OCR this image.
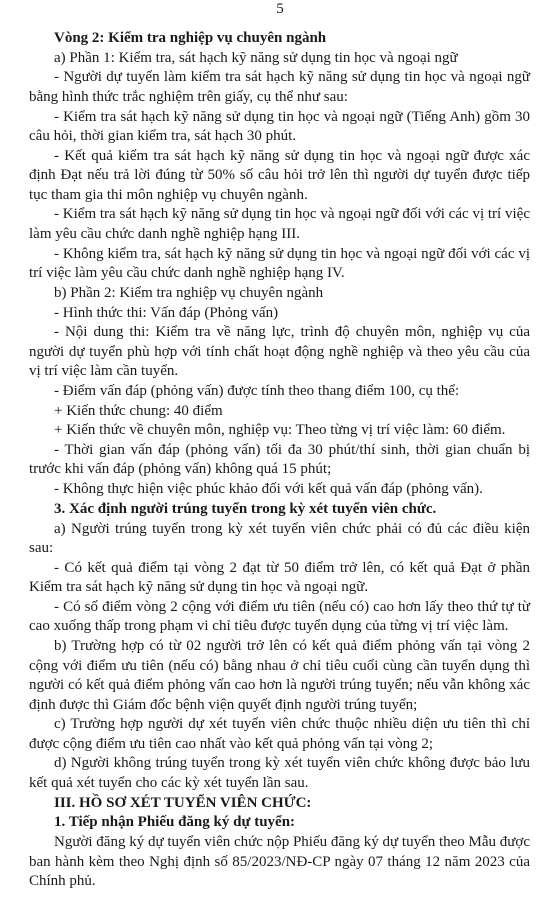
5

Vòng 2: Kiểm tra nghiệp vụ chuyên ngành

a) Phần 1: Kiểm tra, sát hạch kỹ năng sử dụng tin học và ngoại ngữ

- Người dự tuyển làm kiểm tra sát hạch kỹ năng sử dụng tin học và ngoại ngữ bằng hình thức trắc nghiệm trên giấy, cụ thể như sau:

- Kiểm tra sát hạch kỹ năng sử dụng tin học và ngoại ngữ (Tiếng Anh) gồm 30 câu hỏi, thời gian kiểm tra, sát hạch 30 phút.

- Kết quả kiểm tra sát hạch kỹ năng sử dụng tin học và ngoại ngữ được xác định Đạt nếu trả lời đúng từ 50% số câu hỏi trở lên thì người dự tuyển được tiếp tục tham gia thi môn nghiệp vụ chuyên ngành.

- Kiểm tra sát hạch kỹ năng sử dụng tin học và ngoại ngữ đối với các vị trí việc làm yêu cầu chức danh nghề nghiệp hạng III.

- Không kiểm tra, sát hạch kỹ năng sử dụng tin học và ngoại ngữ đối với các vị trí việc làm yêu cầu chức danh nghề nghiệp hạng IV.

b) Phần 2: Kiểm tra nghiệp vụ chuyên ngành

- Hình thức thi: Vấn đáp (Phỏng vấn)

- Nội dung thi: Kiểm tra về năng lực, trình độ chuyên môn, nghiệp vụ của người dự tuyển phù hợp với tính chất hoạt động nghề nghiệp và theo yêu cầu của vị trí việc làm cần tuyển.

- Điểm vấn đáp (phỏng vấn) được tính theo thang điểm 100, cụ thể:

+ Kiến thức chung: 40 điểm

+ Kiến thức về chuyên môn, nghiệp vụ: Theo từng vị trí việc làm: 60 điểm.

- Thời gian vấn đáp (phỏng vấn) tối đa 30 phút/thí sinh, thời gian chuẩn bị trước khi vấn đáp (phỏng vấn) không quá 15 phút;

- Không thực hiện việc phúc khảo đối với kết quả vấn đáp (phỏng vấn).

3. Xác định người trúng tuyển trong kỳ xét tuyển viên chức.

a) Người trúng tuyển trong kỳ xét tuyển viên chức phải có đủ các điều kiện sau:

- Có kết quả điểm tại vòng 2 đạt từ 50 điểm trở lên, có kết quả Đạt ở phần Kiểm tra sát hạch kỹ năng sử dụng tin học và ngoại ngữ.

- Có số điểm vòng 2 cộng với điểm ưu tiên (nếu có) cao hơn lấy theo thứ tự từ cao xuống thấp trong phạm vi chỉ tiêu được tuyển dụng của từng vị trí việc làm.

b) Trường hợp có từ 02 người trở lên có kết quả điểm phỏng vấn tại vòng 2 cộng với điểm ưu tiên (nếu có) bằng nhau ở chỉ tiêu cuối cùng cần tuyển dụng thì người có kết quả điểm phỏng vấn cao hơn là người trúng tuyển; nếu vẫn không xác định được thì Giám đốc bệnh viện quyết định người trúng tuyển;

c) Trường hợp người dự xét tuyển viên chức thuộc nhiều diện ưu tiên thì chỉ được cộng điểm ưu tiên cao nhất vào kết quả phỏng vấn tại vòng 2;

d) Người không trúng tuyển trong kỳ xét tuyển viên chức không được bảo lưu kết quả xét tuyển cho các kỳ xét tuyển lần sau.

III. HỒ SƠ XÉT TUYỂN VIÊN CHỨC:

1. Tiếp nhận Phiếu đăng ký dự tuyển:

Người đăng ký dự tuyển viên chức nộp Phiếu đăng ký dự tuyển theo Mẫu được ban hành kèm theo Nghị định số 85/2023/NĐ-CP ngày 07 tháng 12 năm 2023 của Chính phủ.
